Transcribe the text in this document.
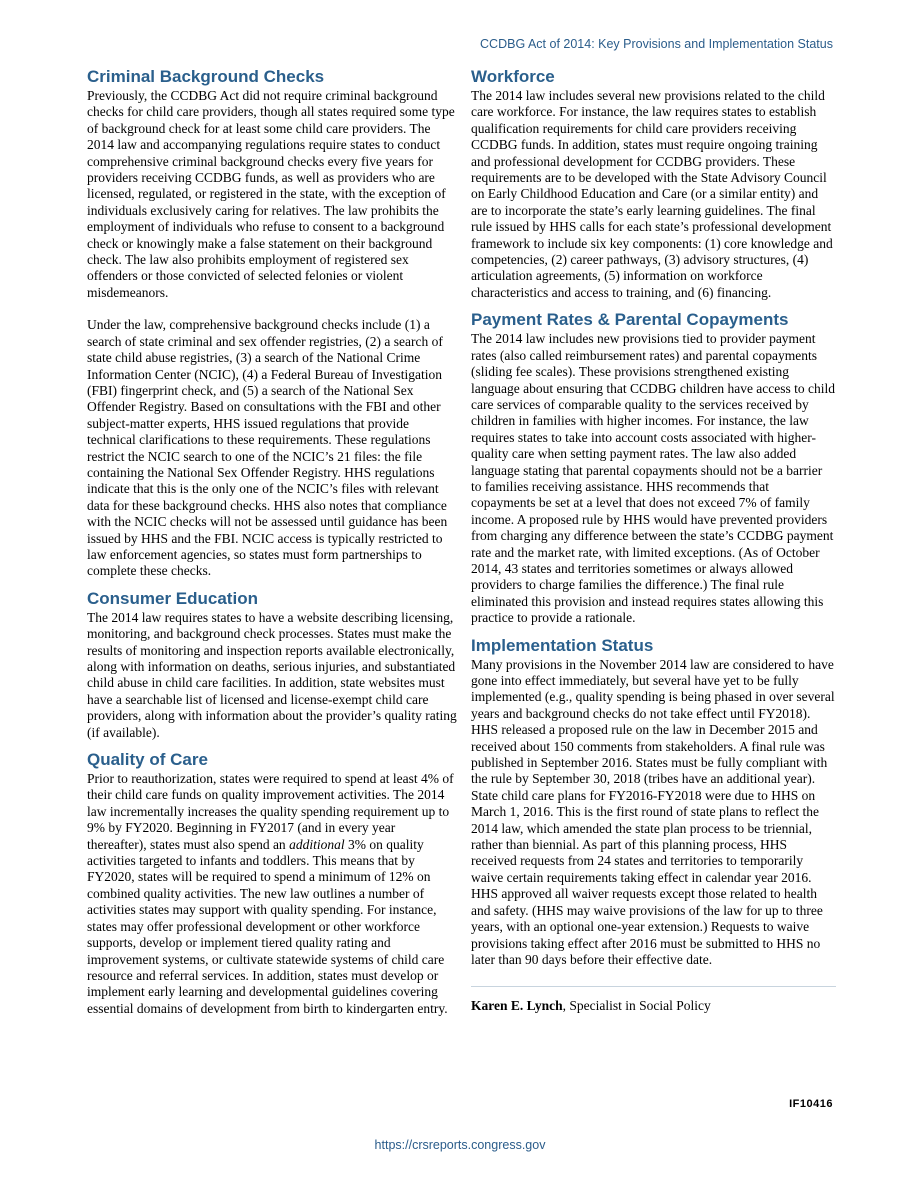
CCDBG Act of 2014: Key Provisions and Implementation Status
Criminal Background Checks

Previously, the CCDBG Act did not require criminal background checks for child care providers, though all states required some type of background check for at least some child care providers. The 2014 law and accompanying regulations require states to conduct comprehensive criminal background checks every five years for providers receiving CCDBG funds, as well as providers who are licensed, regulated, or registered in the state, with the exception of individuals exclusively caring for relatives. The law prohibits the employment of individuals who refuse to consent to a background check or knowingly make a false statement on their background check. The law also prohibits employment of registered sex offenders or those convicted of selected felonies or violent misdemeanors.

Under the law, comprehensive background checks include (1) a search of state criminal and sex offender registries, (2) a search of state child abuse registries, (3) a search of the National Crime Information Center (NCIC), (4) a Federal Bureau of Investigation (FBI) fingerprint check, and (5) a search of the National Sex Offender Registry. Based on consultations with the FBI and other subject-matter experts, HHS issued regulations that provide technical clarifications to these requirements. These regulations restrict the NCIC search to one of the NCIC’s 21 files: the file containing the National Sex Offender Registry. HHS regulations indicate that this is the only one of the NCIC’s files with relevant data for these background checks. HHS also notes that compliance with the NCIC checks will not be assessed until guidance has been issued by HHS and the FBI. NCIC access is typically restricted to law enforcement agencies, so states must form partnerships to complete these checks.

Consumer Education

The 2014 law requires states to have a website describing licensing, monitoring, and background check processes. States must make the results of monitoring and inspection reports available electronically, along with information on deaths, serious injuries, and substantiated child abuse in child care facilities. In addition, state websites must have a searchable list of licensed and license-exempt child care providers, along with information about the provider’s quality rating (if available).

Quality of Care

Prior to reauthorization, states were required to spend at least 4% of their child care funds on quality improvement activities. The 2014 law incrementally increases the quality spending requirement up to 9% by FY2020. Beginning in FY2017 (and in every year thereafter), states must also spend an additional 3% on quality activities targeted to infants and toddlers. This means that by FY2020, states will be required to spend a minimum of 12% on combined quality activities. The new law outlines a number of activities states may support with quality spending. For instance, states may offer professional development or other workforce supports, develop or implement tiered quality rating and improvement systems, or cultivate statewide systems of child care resource and referral services. In addition, states must develop or implement early learning and developmental guidelines covering essential domains of development from birth to kindergarten entry.

Workforce

The 2014 law includes several new provisions related to the child care workforce. For instance, the law requires states to establish qualification requirements for child care providers receiving CCDBG funds. In addition, states must require ongoing training and professional development for CCDBG providers. These requirements are to be developed with the State Advisory Council on Early Childhood Education and Care (or a similar entity) and are to incorporate the state’s early learning guidelines. The final rule issued by HHS calls for each state’s professional development framework to include six key components: (1) core knowledge and competencies, (2) career pathways, (3) advisory structures, (4) articulation agreements, (5) information on workforce characteristics and access to training, and (6) financing.

Payment Rates & Parental Copayments

The 2014 law includes new provisions tied to provider payment rates (also called reimbursement rates) and parental copayments (sliding fee scales). These provisions strengthened existing language about ensuring that CCDBG children have access to child care services of comparable quality to the services received by children in families with higher incomes. For instance, the law requires states to take into account costs associated with higher-quality care when setting payment rates. The law also added language stating that parental copayments should not be a barrier to families receiving assistance. HHS recommends that copayments be set at a level that does not exceed 7% of family income. A proposed rule by HHS would have prevented providers from charging any difference between the state’s CCDBG payment rate and the market rate, with limited exceptions. (As of October 2014, 43 states and territories sometimes or always allowed providers to charge families the difference.) The final rule eliminated this provision and instead requires states allowing this practice to provide a rationale.

Implementation Status

Many provisions in the November 2014 law are considered to have gone into effect immediately, but several have yet to be fully implemented (e.g., quality spending is being phased in over several years and background checks do not take effect until FY2018). HHS released a proposed rule on the law in December 2015 and received about 150 comments from stakeholders. A final rule was published in September 2016. States must be fully compliant with the rule by September 30, 2018 (tribes have an additional year). State child care plans for FY2016-FY2018 were due to HHS on March 1, 2016. This is the first round of state plans to reflect the 2014 law, which amended the state plan process to be triennial, rather than biennial. As part of this planning process, HHS received requests from 24 states and territories to temporarily waive certain requirements taking effect in calendar year 2016. HHS approved all waiver requests except those related to health and safety. (HHS may waive provisions of the law for up to three years, with an optional one-year extension.) Requests to waive provisions taking effect after 2016 must be submitted to HHS no later than 90 days before their effective date.

Karen E. Lynch, Specialist in Social Policy
IF10416
https://crsreports.congress.gov
